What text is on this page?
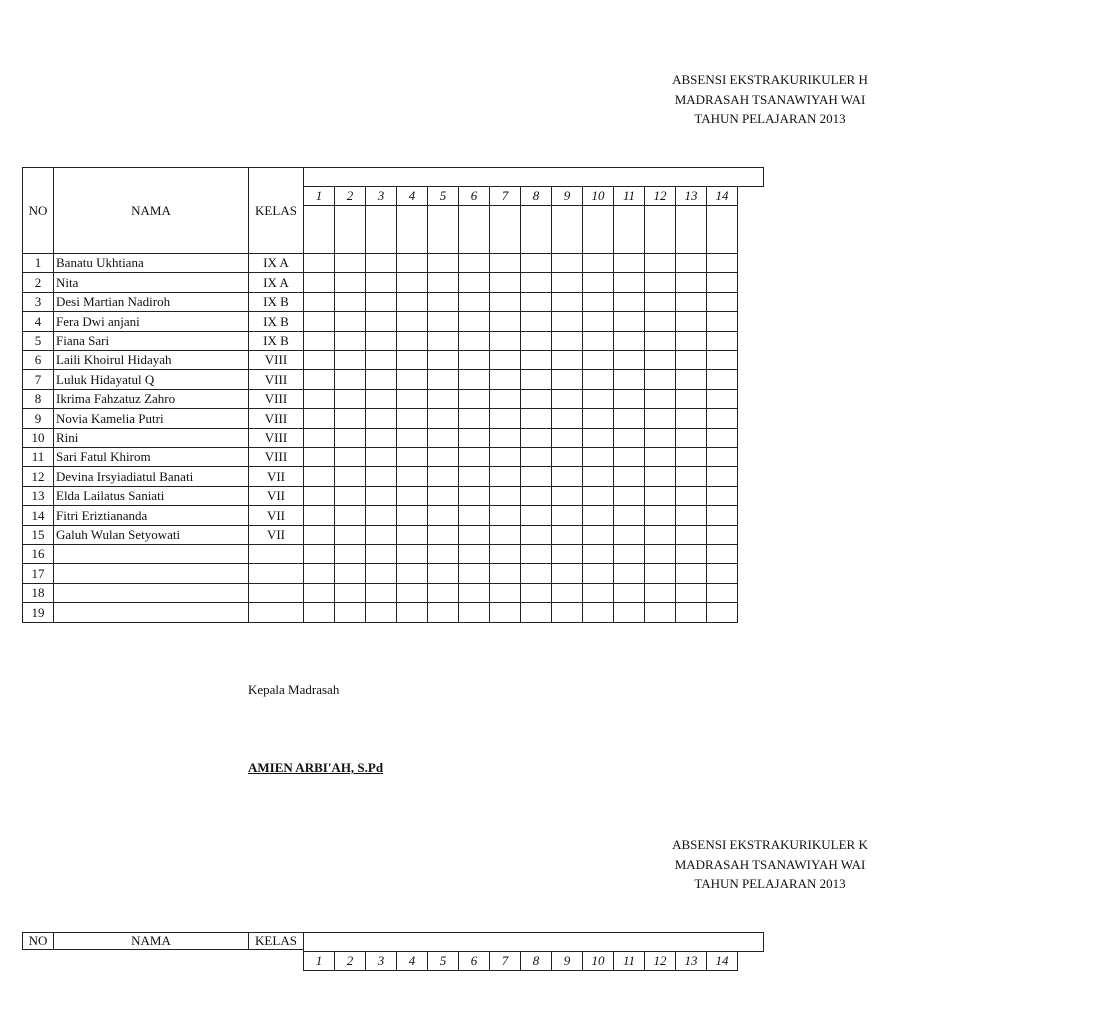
ABSENSI EKSTRAKURIKULER H
MADRASAH TSANAWIYAH WAI
TAHUN PELAJARAN 2013
NO	NAMA	KELAS
1	2	3	4	5	6	7	8	9	10	11	12	13	14
1	Banatu Ukhtiana	IX A
2	Nita	IX A
3	Desi Martian Nadiroh	IX B
4	Fera Dwi anjani	IX B
5	Fiana Sari	IX B
6	Laili Khoirul Hidayah	VIII
7	Luluk Hidayatul Q	VIII
8	Ikrima Fahzatuz Zahro	VIII
9	Novia Kamelia Putri	VIII
10 Rini	VIII
11 Sari Fatul Khirom	VIII
12 Devina Irsyiadiatul Banati	VII
13 Elda Lailatus Saniati	VII
14 Fitri Eriztiananda	VII
15 Galuh Wulan Setyowati	VII
16
17
18
19
Kepala Madrasah
AMIEN ARBI'AH, S.Pd
ABSENSI EKSTRAKURIKULER K
MADRASAH TSANAWIYAH WAI
TAHUN PELAJARAN 2013
NO	NAMA	KELAS
1	2	3	4	5	6	7	8	9	10	11	12	13	14
